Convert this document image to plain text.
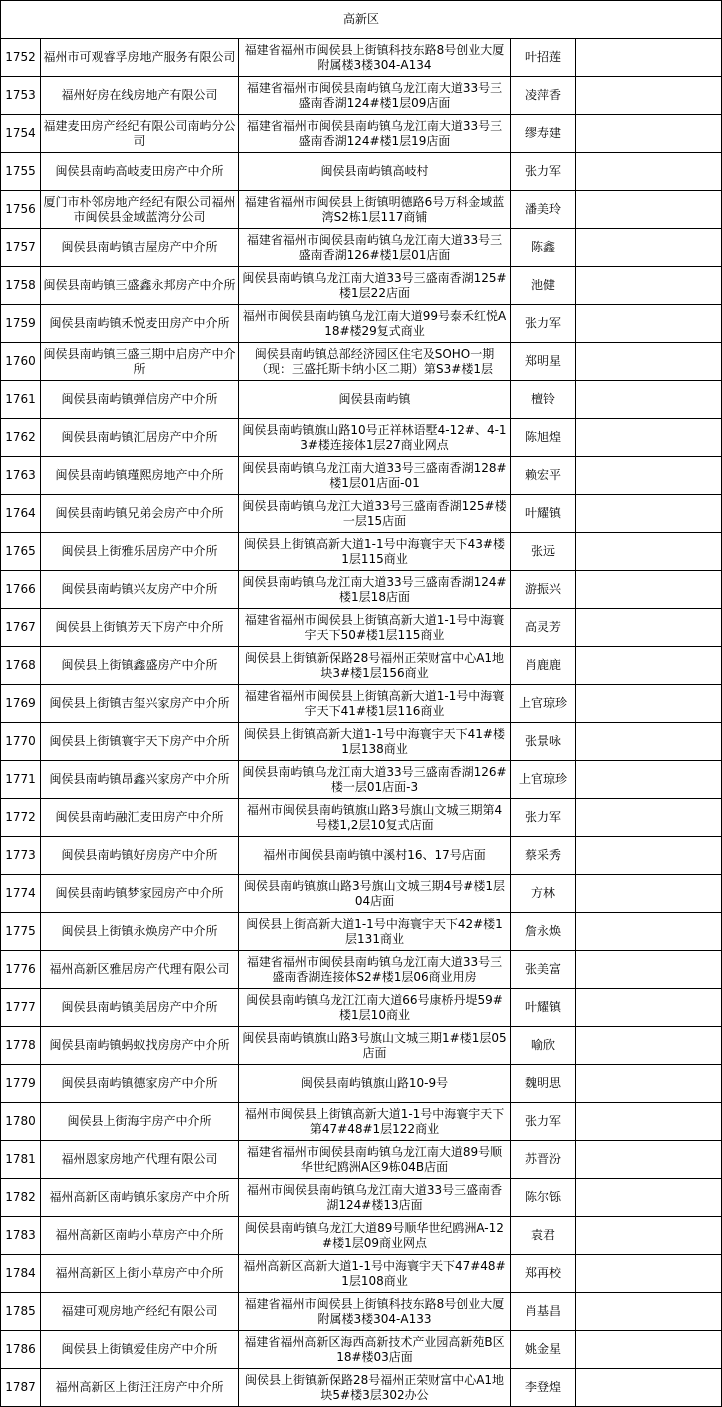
高新区				

1752	福州市可观睿孚房地产服务有限公司	福建省福州市闽侯县上街镇科技东路8号创业大厦附属楼3楼304-A134	叶招莲	

1753	福州好房在线房地产有限公司	福建省福州市闽侯县南屿镇乌龙江南大道33号三盛南香湖124#楼1层09店面	凌萍香	

1754	福建麦田房产经纪有限公司南屿分公司	福建省福州市闽侯县南屿镇乌龙江南大道33号三盛南香湖124#楼1层19店面	缪寿建	

1755	闽侯县南屿高岐麦田房产中介所	闽侯县南屿镇高岐村	张力军	

1756	厦门市朴邻房地产经纪有限公司福州市闽侯县金域蓝湾分公司	福建省福州市闽侯县上街镇明德路6号万科金域蓝湾S2栋1层117商铺	潘美玲	

1757	闽侯县南屿镇吉屋房产中介所	福建省福州市闽侯县南屿镇乌龙江南大道33号三盛南香湖126#楼1层01店面	陈鑫	

1758	闽侯县南屿镇三盛鑫永邦房产中介所	闽侯县南屿镇乌龙江南大道33号三盛南香湖125#楼1层22店面	池健	

1759	闽侯县南屿镇禾悦麦田房产中介所	福州市闽侯县南屿镇乌龙江南大道99号泰禾红悦A18#楼29复式商业	张力军	

1760	闽侯县南屿镇三盛三期中启房产中介所	闽侯县南屿镇总部经济园区住宅及SOHO一期（现：三盛托斯卡纳小区二期）第S3#楼1层	郑明星	

1761	闽侯县南屿镇弹信房产中介所	闽侯县南屿镇	檀铃	

1762	闽侯县南屿镇汇居房产中介所	闽侯县南屿镇旗山路10号正祥林语墅4-12#、4-13#楼连接体1层27商业网点	陈旭煌	

1763	闽侯县南屿镇瑾熙房地产中介所	闽侯县南屿镇乌龙江南大道33号三盛南香湖128#楼1层01店面-01	赖宏平	

1764	闽侯县南屿镇兄弟会房产中介所	闽侯县南屿镇乌龙江大道33号三盛南香湖125#楼一层15店面	叶耀镇	

1765	闽侯县上街雅乐居房产中介所	闽侯县上街镇高新大道1-1号中海寰宇天下43#楼1层115商业	张远	

1766	闽侯县南屿镇兴友房产中介所	闽侯县南屿镇乌龙江南大道33号三盛南香湖124#楼1层18店面	游振兴	

1767	闽侯县上街镇芳天下房产中介所	福建省福州市闽侯县上街镇高新大道1-1号中海寰宇天下50#楼1层115商业	高灵芳	

1768	闽侯县上街镇鑫盛房产中介所	闽侯县上街镇新保路28号福州正荣财富中心A1地块3#楼1层156商业	肖鹿鹿	

1769	闽侯县上街镇吉玺兴家房产中介所	福建省福州市闽侯县上街镇高新大道1-1号中海寰宇天下41#楼1层116商业	上官琼珍	

1770	闽侯县上街镇寰宇天下房产中介所	闽侯县上街镇高新大道1-1号中海寰宇天下41#楼1层138商业	张景咏	

1771	闽侯县南屿镇昂鑫兴家房产中介所	闽侯县南屿镇乌龙江南大道33号三盛南香湖126#楼一层01店面-3	上官琼珍	

1772	闽侯县南屿融汇麦田房产中介所	福州市闽侯县南屿镇旗山路3号旗山文城三期第4号楼1,2层10复式店面	张力军	

1773	闽侯县南屿镇好房房产中介所	福州市闽侯县南屿镇中溪村16、17号店面	蔡采秀	

1774	闽侯县南屿镇梦家园房产中介所	闽侯县南屿镇旗山路3号旗山文城三期4号#楼1层04店面	方林	

1775	闽侯县上街镇永焕房产中介所	闽侯县上街高新大道1-1号中海寰宇天下42#楼1层131商业	詹永焕	

1776	福州高新区雅居房产代理有限公司	福建省福州市闽侯县南屿镇乌龙江南大道33号三盛南香湖连接体S2#楼1层06商业用房	张美富	

1777	闽侯县南屿镇美居房产中介所	闽侯县南屿镇乌龙江江南大道66号康桥丹堤59#楼1层10商业	叶耀镇	

1778	闽侯县南屿镇蚂蚁找房房产中介所	闽侯县南屿镇旗山路3号旗山文城三期1#楼1层05店面	喻欣	

1779	闽侯县南屿镇德家房产中介所	闽侯县南屿镇旗山路10-9号	魏明思	

1780	闽侯县上街海宇房产中介所	福州市闽侯县上街镇高新大道1-1号中海寰宇天下第47#48#1层122商业	张力军	

1781	福州恩家房地产代理有限公司	福建省福州市闽侯县南屿镇乌龙江南大道89号顺华世纪鸥洲A区9栋04B店面	苏晋汾	

1782	福州高新区南屿镇乐家房产中介所	福州市闽侯县南屿镇乌龙江南大道33号三盛南香湖124#楼13店面	陈尔铄	

1783	福州高新区南屿小草房产中介所	闽侯县南屿镇乌龙江大道89号顺华世纪鸥洲A-12#楼1层09商业网点	袁君	

1784	福州高新区上街小草房产中介所	福州高新区高新大道1-1号中海寰宇天下47#48#1层108商业	郑再校	

1785	福建可观房地产经纪有限公司	福建省福州市闽侯县上街镇科技东路8号创业大厦附属楼3楼304-A133	肖基昌	

1786	闽侯县上街镇爱佳房产中介所	福建省福州高新区海西高新技术产业园高新苑B区18#楼03店面	姚金星	

1787	福州高新区上街汪汪房产中介所	闽侯县上街镇新保路28号福州正荣财富中心A1地块5#楼3层302办公	李登煌	
